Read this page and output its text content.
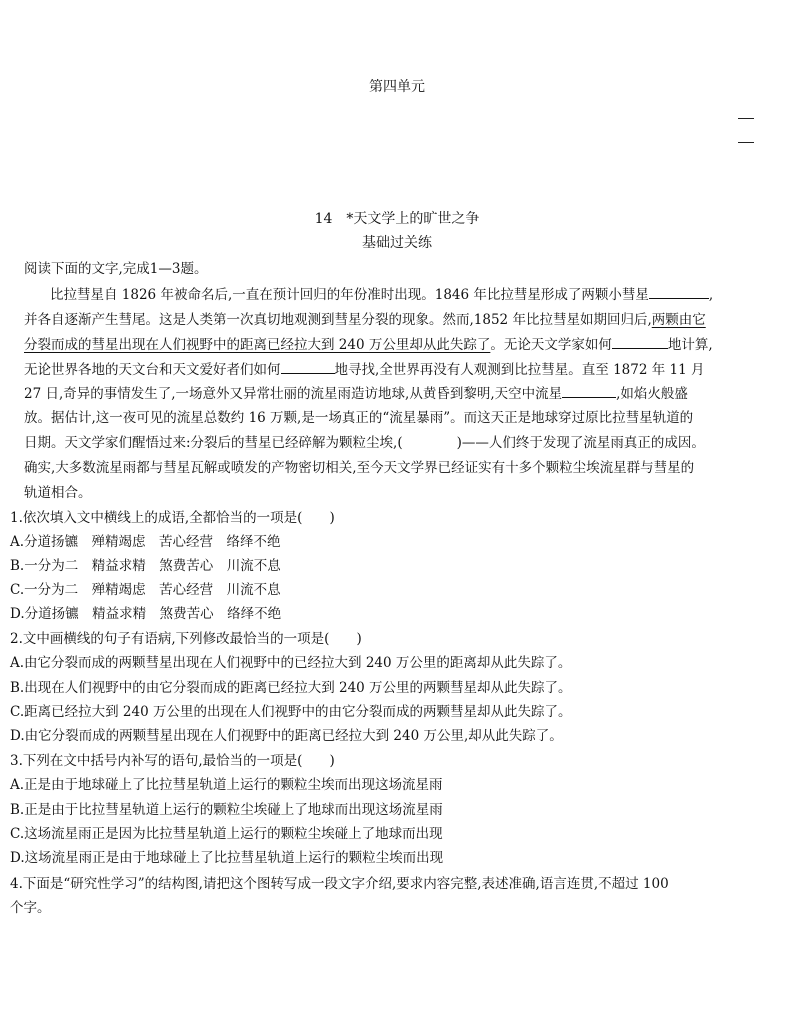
第四单元
14　*天文学上的旷世之争
基础过关练
阅读下面的文字,完成1—3题。
比拉彗星自 1826 年被命名后,一直在预计回归的年份准时出现。1846 年比拉彗星形成了两颗小彗星	,
并各自逐渐产生彗尾。这是人类第一次真切地观测到彗星分裂的现象。然而,1852 年比拉彗星如期回归后,两颗由它
分裂而成的彗星出现在人们视野中的距离已经拉大到 240 万公里却从此失踪了。无论天文学家如何	地计算,
无论世界各地的天文台和天文爱好者们如何	地寻找,全世界再没有人观测到比拉彗星。直至 1872 年 11 月
27 日,奇异的事情发生了,一场意外又异常壮丽的流星雨造访地球,从黄昏到黎明,天空中流星	,如焰火般盛
放。据估计,这一夜可见的流星总数约 16 万颗,是一场真正的“流星暴雨”。而这天正是地球穿过原比拉彗星轨道的
日期。天文学家们醒悟过来:分裂后的彗星已经碎解为颗粒尘埃,(　　　　)——人们终于发现了流星雨真正的成因。
确实,大多数流星雨都与彗星瓦解或喷发的产物密切相关,至今天文学界已经证实有十多个颗粒尘埃流星群与彗星的
轨道相合。
1.依次填入文中横线上的成语,全都恰当的一项是(　　)
A.分道扬镳　殚精竭虑　苦心经营　络绎不绝
B.一分为二　精益求精　煞费苦心　川流不息
C.一分为二　殚精竭虑　苦心经营　川流不息
D.分道扬镳　精益求精　煞费苦心　络绎不绝
2.文中画横线的句子有语病,下列修改最恰当的一项是(　　)
A.由它分裂而成的两颗彗星出现在人们视野中的已经拉大到 240 万公里的距离却从此失踪了。
B.出现在人们视野中的由它分裂而成的距离已经拉大到 240 万公里的两颗彗星却从此失踪了。
C.距离已经拉大到 240 万公里的出现在人们视野中的由它分裂而成的两颗彗星却从此失踪了。
D.由它分裂而成的两颗彗星出现在人们视野中的距离已经拉大到 240 万公里,却从此失踪了。
3.下列在文中括号内补写的语句,最恰当的一项是(　　)
A.正是由于地球碰上了比拉彗星轨道上运行的颗粒尘埃而出现这场流星雨
B.正是由于比拉彗星轨道上运行的颗粒尘埃碰上了地球而出现这场流星雨
C.这场流星雨正是因为比拉彗星轨道上运行的颗粒尘埃碰上了地球而出现
D.这场流星雨正是由于地球碰上了比拉彗星轨道上运行的颗粒尘埃而出现
4.下面是“研究性学习”的结构图,请把这个图转写成一段文字介绍,要求内容完整,表述准确,语言连贯,不超过 100
个字。
